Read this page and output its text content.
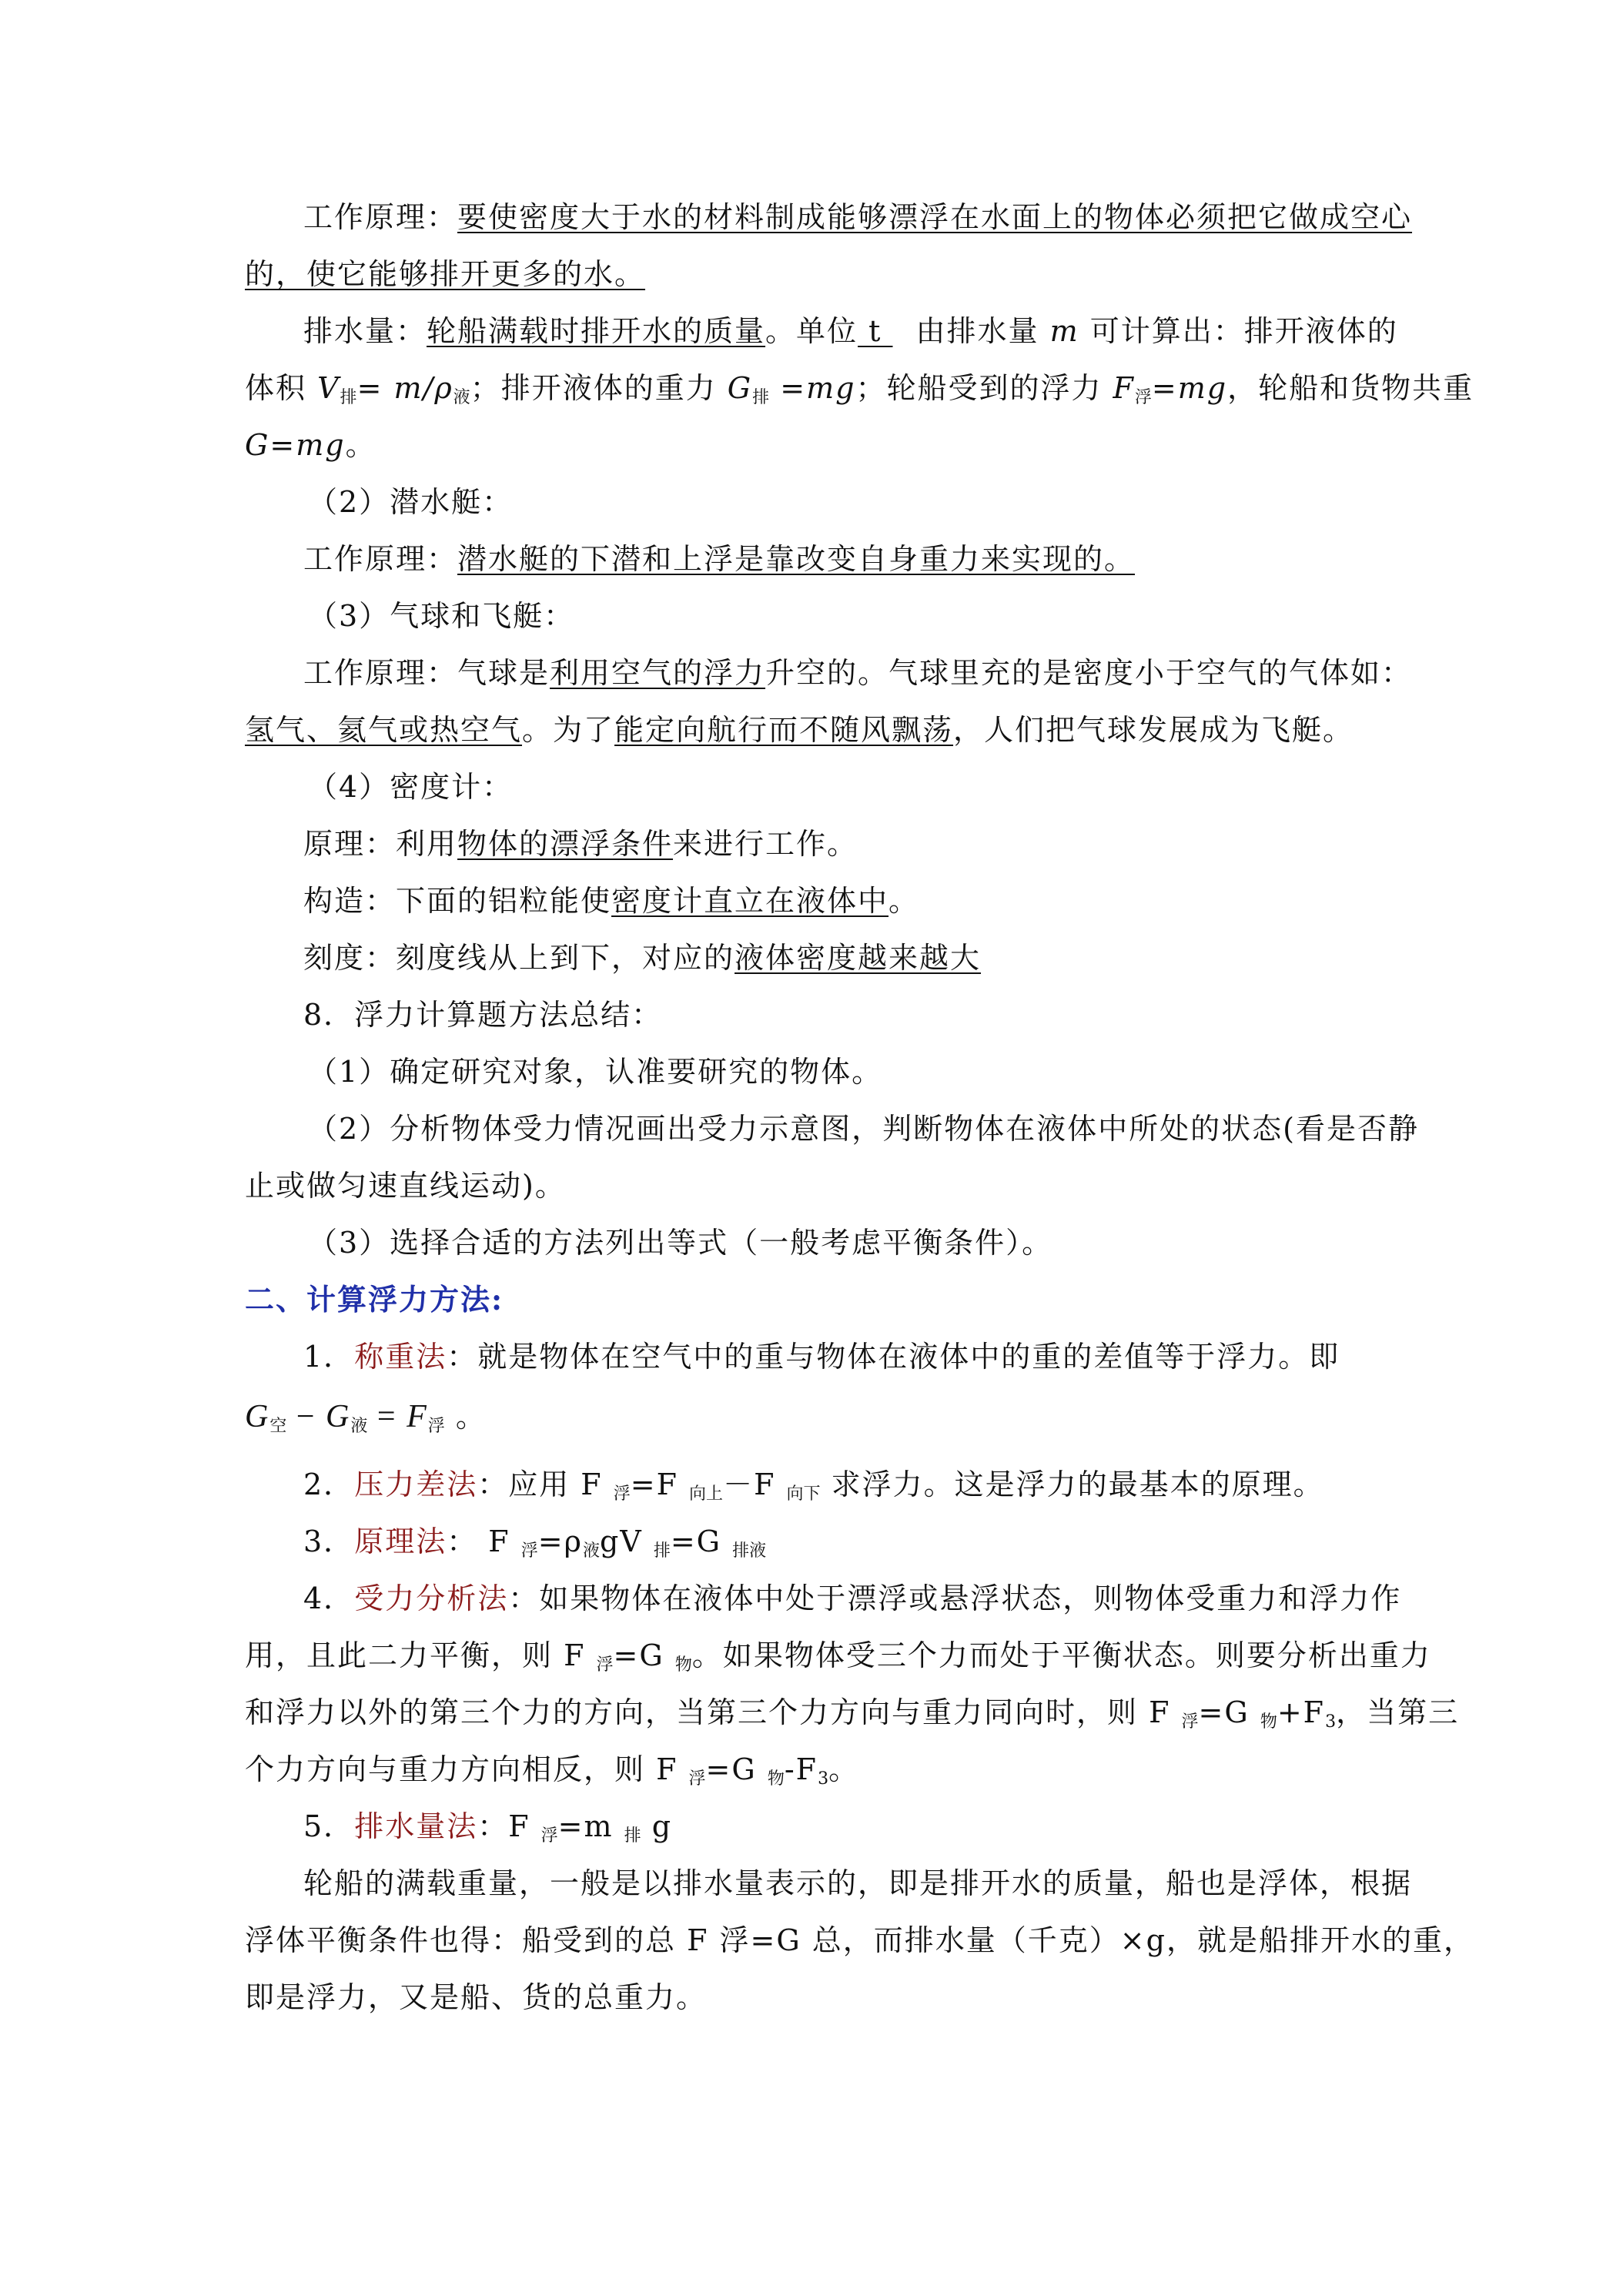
工作原理：要使密度大于水的材料制成能够漂浮在水面上的物体必须把它做成空心
的，使它能够排开更多的水。
排水量：轮船满载时排开水的质量。单位 t 由排水量 m 可计算出：排开液体的
体积 $V_排= m/\rho_液$；排开液体的重力 $G_排 =mg$；轮船受到的浮力 $F_浮=mg$，轮船和货物共重
G=mg。
（2）潜水艇：
工作原理：潜水艇的下潜和上浮是靠改变自身重力来实现的。
（3）气球和飞艇：
工作原理：气球是利用空气的浮力升空的。气球里充的是密度小于空气的气体如：
氢气、氦气或热空气。为了能定向航行而不随风飘荡，人们把气球发展成为飞艇。
（4）密度计：
原理：利用物体的漂浮条件来进行工作。
构造：下面的铝粒能使密度计直立在液体中。
刻度：刻度线从上到下，对应的液体密度越来越大
8．浮力计算题方法总结：
（1）确定研究对象，认准要研究的物体。
（2）分析物体受力情况画出受力示意图，判断物体在液体中所处的状态(看是否静
止或做匀速直线运动)。
（3）选择合适的方法列出等式（一般考虑平衡条件）。
二、计算浮力方法:
1．称重法：就是物体在空气中的重与物体在液体中的重的差值等于浮力。即
$G_空 - G_液 = F_浮$ 。
2．压力差法：应用 F $_浮$=F $_{向上}$－F $_{向下}$ 求浮力。这是浮力的最基本的原理。
3．原理法： F $_浮=\rho_液gV$ $_排$=G $_{排液}$
4．受力分析法：如果物体在液体中处于漂浮或悬浮状态，则物体受重力和浮力作
用，且此二力平衡，则 F $_浮$=G $_物$。如果物体受三个力而处于平衡状态。则要分析出重力
和浮力以外的第三个力的方向，当第三个力方向与重力同向时，则 F $_浮$=G $_物+F_3$，当第三
个力方向与重力方向相反，则 F $_浮$=G $_物-F_3$。
5．排水量法：F $_浮$=m $_排$ g
轮船的满载重量，一般是以排水量表示的，即是排开水的质量，船也是浮体，根据
浮体平衡条件也得：船受到的总 F 浮=G 总，而排水量（千克）×g，就是船排开水的重，
即是浮力，又是船、货的总重力。
